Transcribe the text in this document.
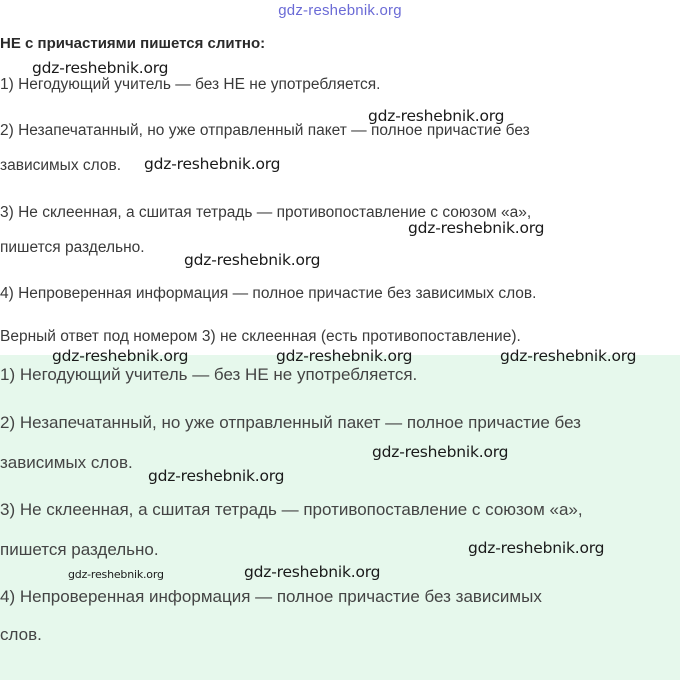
gdz-reshebnik.org
НЕ с причастиями пишется слитно:

1) Негодующий учитель — без НЕ не употребляется.

2) Незапечатанный, но уже отправленный пакет — полное причастие без

зависимых слов.

3) Не склеенная, а сшитая тетрадь — противопоставление с союзом «а»,

пишется раздельно.

4) Непроверенная информация — полное причастие без зависимых слов.

Верный ответ под номером 3) не склеенная (есть противопоставление).

1) Негодующий учитель — без НЕ не употребляется.

2) Незапечатанный, но уже отправленный пакет — полное причастие без

зависимых слов.

3) Не склеенная, а сшитая тетрадь — противопоставление с союзом «а»,

пишется раздельно.

4) Непроверенная информация — полное причастие без зависимых

слов.

gdz-reshebnik.org
gdz-reshebnik.org
gdz-reshebnik.org
gdz-reshebnik.org
gdz-reshebnik.org
gdz-reshebnik.org	gdz-reshebnik.org	gdz-reshebnik.org
gdz-reshebnik.org
gdz-reshebnik.org
gdz-reshebnik.org
gdz-reshebnik.org	gdz-reshebnik.org
